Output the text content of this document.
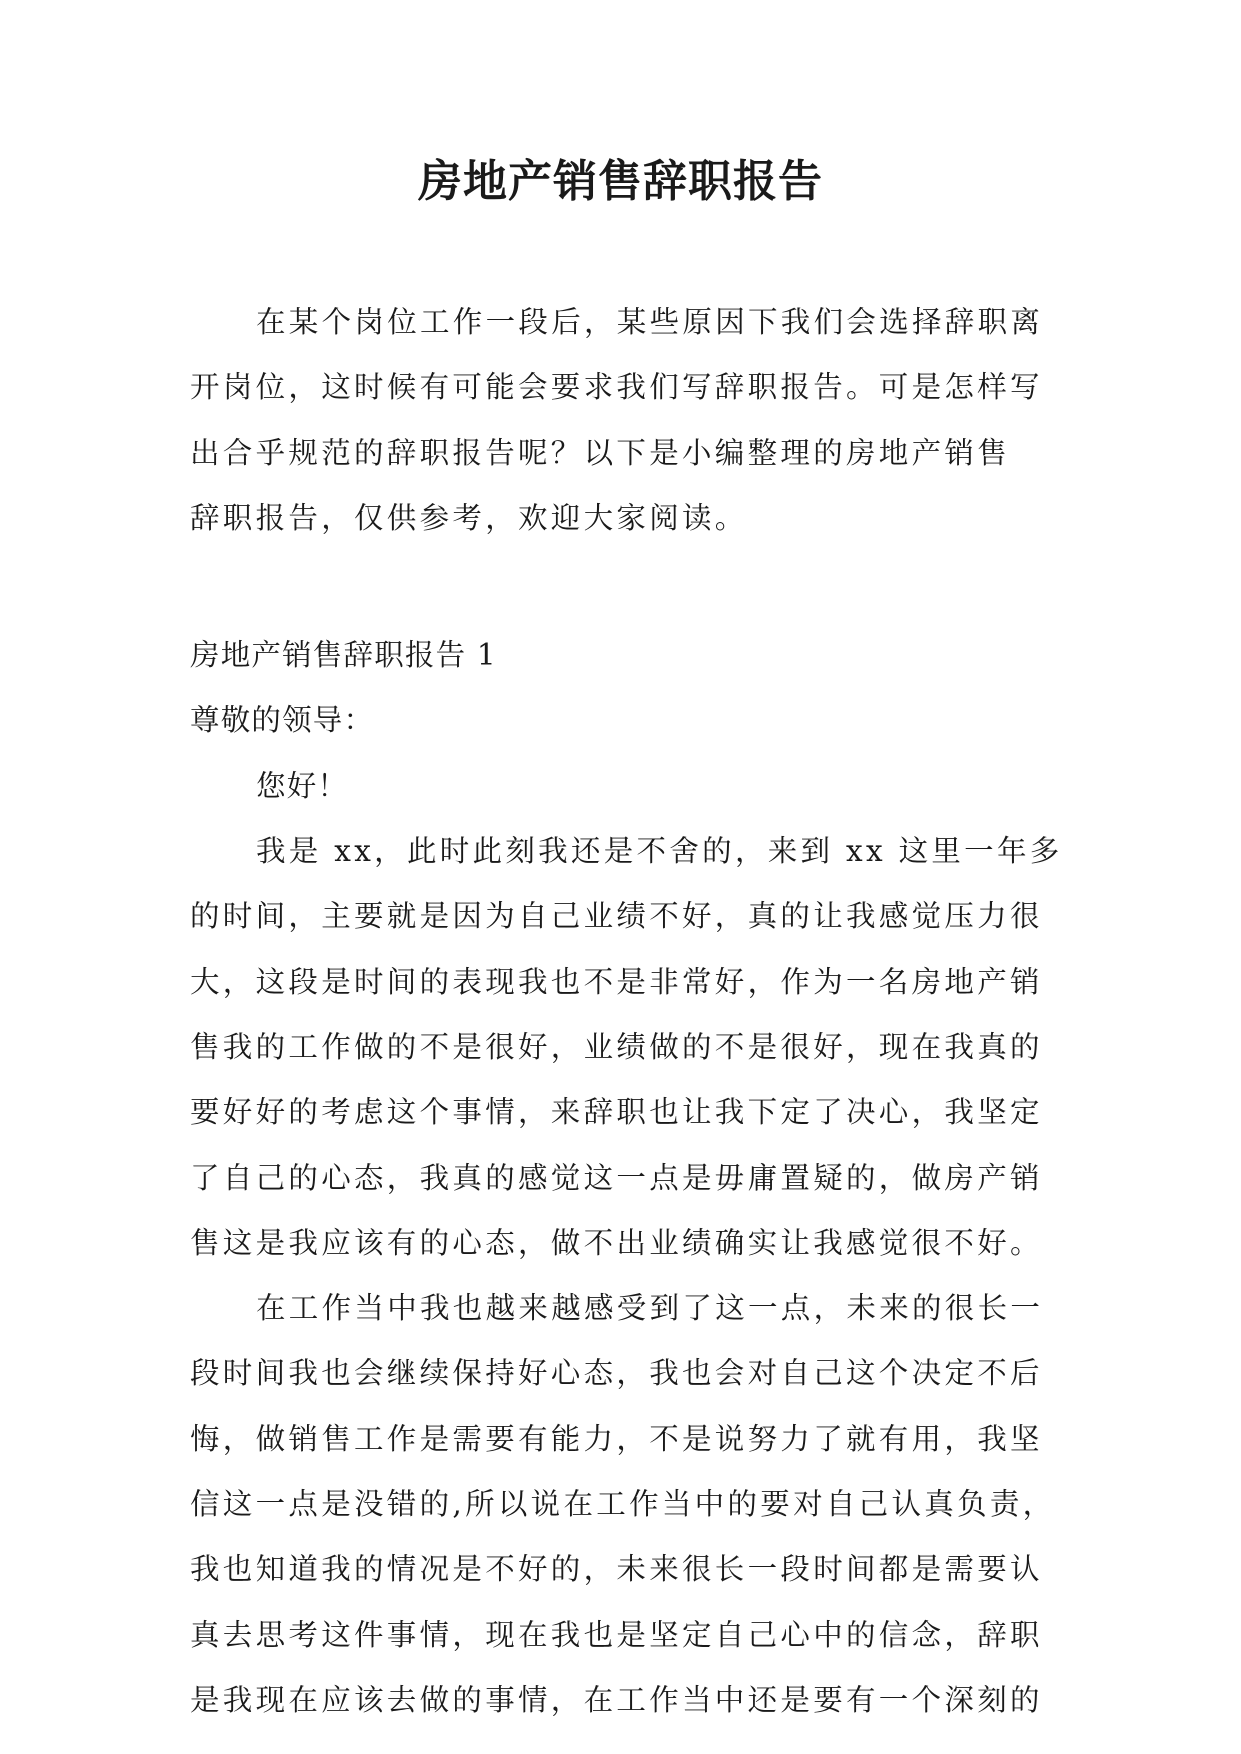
房地产销售辞职报告
在某个岗位工作一段后，某些原因下我们会选择辞职离
开岗位，这时候有可能会要求我们写辞职报告。可是怎样写
出合乎规范的辞职报告呢？以下是小编整理的房地产销售
辞职报告，仅供参考，欢迎大家阅读。

房地产销售辞职报告 1

尊敬的领导：

您好！

我是 xx，此时此刻我还是不舍的，来到 xx 这里一年多
的时间，主要就是因为自己业绩不好，真的让我感觉压力很
大，这段是时间的表现我也不是非常好，作为一名房地产销
售我的工作做的不是很好，业绩做的不是很好，现在我真的
要好好的考虑这个事情，来辞职也让我下定了决心，我坚定
了自己的心态，我真的感觉这一点是毋庸置疑的，做房产销
售这是我应该有的心态，做不出业绩确实让我感觉很不好。
在工作当中我也越来越感受到了这一点，未来的很长一
段时间我也会继续保持好心态，我也会对自己这个决定不后
悔，做销售工作是需要有能力，不是说努力了就有用，我坚
信这一点是没错的,所以说在工作当中的要对自己认真负责，
我也知道我的情况是不好的，未来很长一段时间都是需要认
真去思考这件事情，现在我也是坚定自己心中的信念，辞职
是我现在应该去做的事情，在工作当中还是要有一个深刻的
